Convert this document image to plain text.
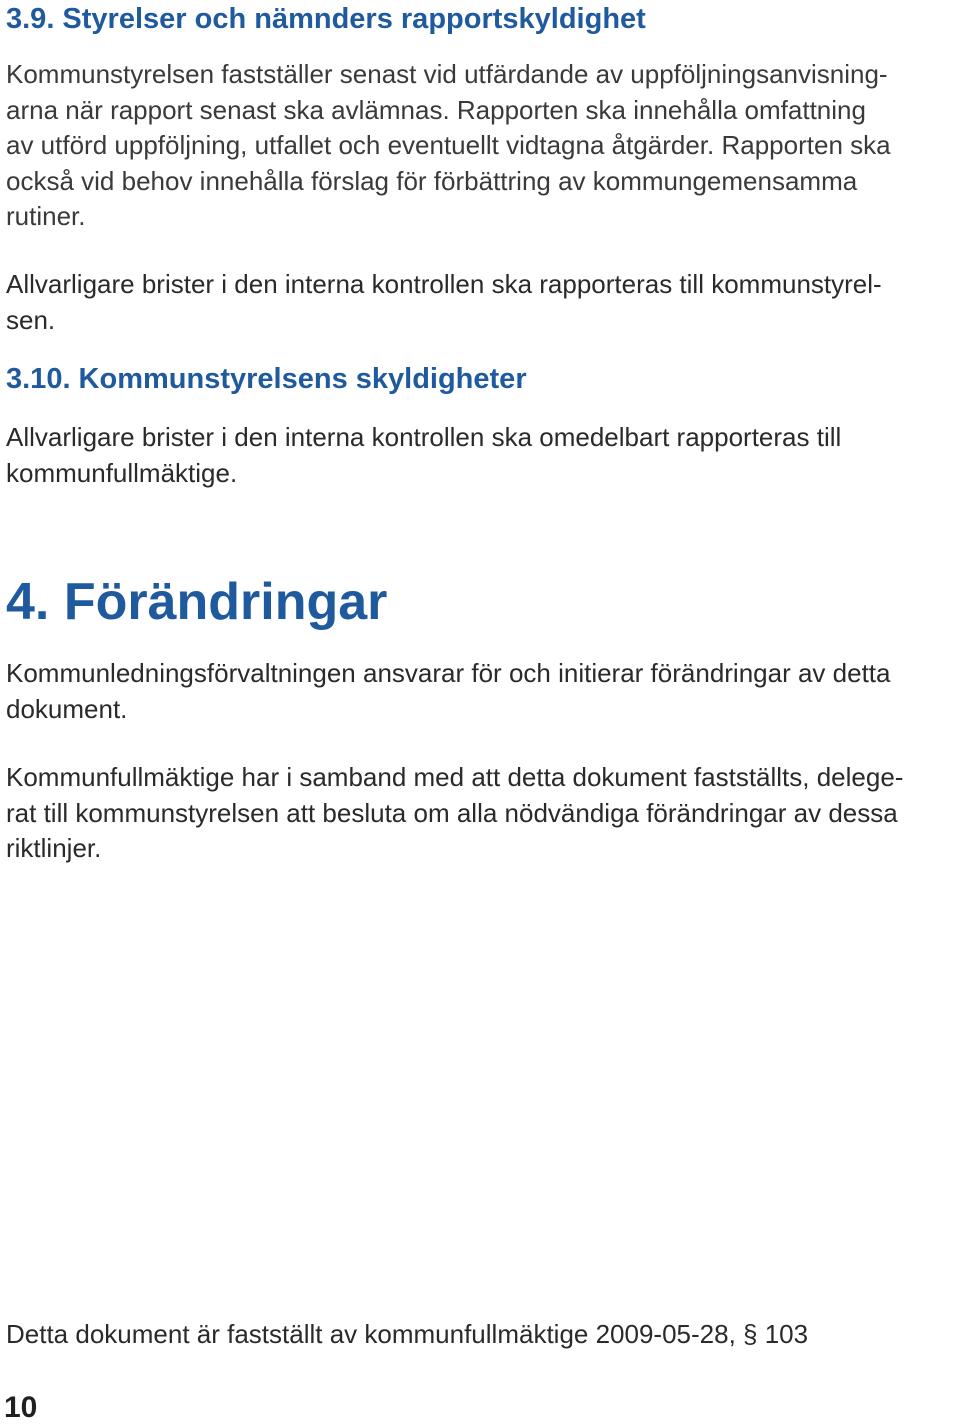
3.9. Styrelser och nämnders rapportskyldighet

Kommunstyrelsen fastställer senast vid utfärdande av uppföljningsanvisning-
arna när rapport senast ska avlämnas. Rapporten ska innehålla omfattning
av utförd uppföljning, utfallet och eventuellt vidtagna åtgärder. Rapporten ska
också vid behov innehålla förslag för förbättring av kommungemensamma
rutiner.

Allvarligare brister i den interna kontrollen ska rapporteras till kommunstyrel-
sen.

3.10. Kommunstyrelsens skyldigheter

Allvarligare brister i den interna kontrollen ska omedelbart rapporteras till
kommunfullmäktige.

4. Förändringar

Kommunledningsförvaltningen ansvarar för och initierar förändringar av detta
dokument.

Kommunfullmäktige har i samband med att detta dokument fastställts, delege-
rat till kommunstyrelsen att besluta om alla nödvändiga förändringar av dessa
riktlinjer.

Detta dokument är fastställt av kommunfullmäktige 2009-05-28, § 103

10
